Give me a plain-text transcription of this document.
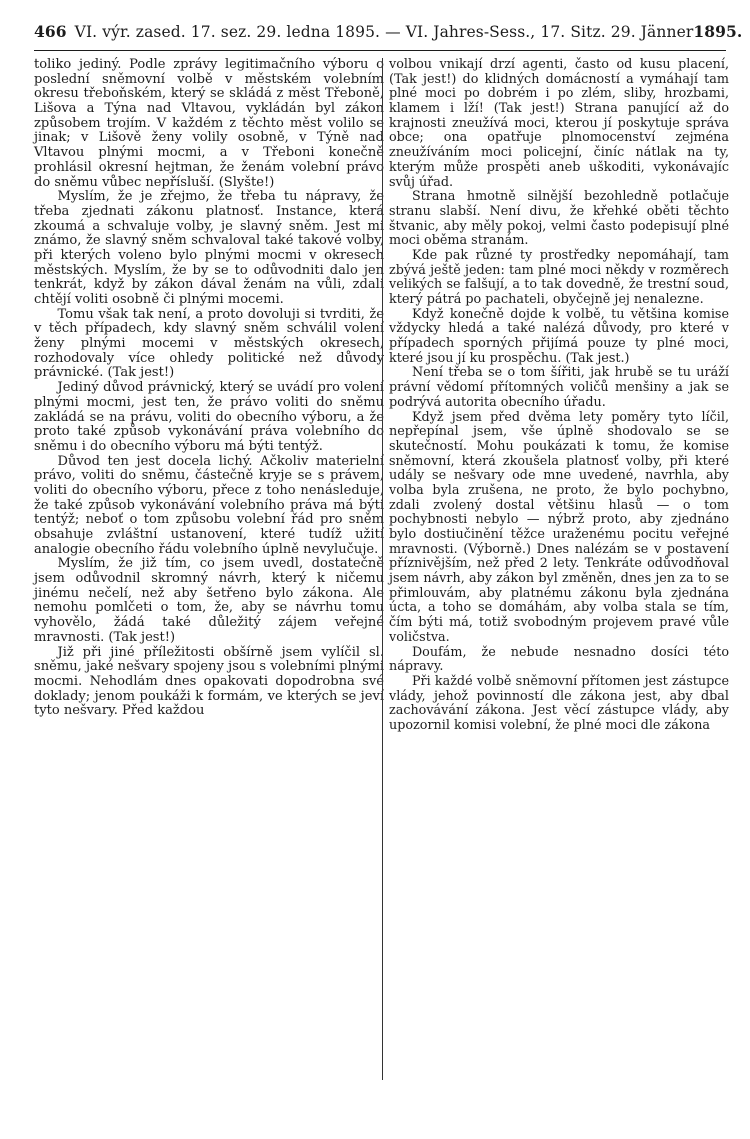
466 VI. výr. zased. 17. sez. 29. ledna 1895. — VI. Jahres-Sess., 17. Sitz. 29. Jänner 1895.

toliko jediný. Podle zprávy legitimačního výboru o poslední sněmovní volbě v městském volebním okresu třeboňském, který se skládá z měst Třeboně, Lišova a Týna nad Vltavou, vykládán byl zákon způsobem trojím. V každém z těchto měst volilo se jinak; v Lišově ženy volily osobně, v Týně nad Vltavou plnými mocmi, a v Třeboni konečně prohlásil okresní hejtman, že ženám volební právo do sněmu vůbec nepřísluší. (Slyšte!)

Myslím, že je zřejmo, že třeba tu nápravy, že třeba zjednati zákonu platnosť. Instance, která zkoumá a schvaluje volby, je slavný sněm. Jest mi známo, že slavný sněm schvaloval také takové volby, při kterých voleno bylo plnými mocmi v okresech městských. Myslím, že by se to odůvodniti dalo jen tenkrát, když by zákon dával ženám na vůli, zdali chtějí voliti osobně či plnými mocemi.

Tomu však tak není, a proto dovoluji si tvrditi, že v těch případech, kdy slavný sněm schválil volení ženy plnými mocemi v městských okresech, rozhodovaly více ohledy politické než důvody právnické. (Tak jest!)

Jediný důvod právnický, který se uvádí pro volení plnými mocmi, jest ten, že právo voliti do sněmu zakládá se na právu, voliti do obecního výboru, a že proto také způsob vykonávání práva volebního do sněmu i do obecního výboru má býti tentýž.

Důvod ten jest docela lichý. Ačkoliv materielní právo, voliti do sněmu, částečně kryje se s právem, voliti do obecního výboru, přece z toho nenásleduje, že také způsob vykonávání volebního práva má býti tentýž; neboť o tom způsobu volební řád pro sněm obsahuje zvláštní ustanovení, které tudíž užití analogie obecního řádu volebního úplně nevylučuje.

Myslím, že již tím, co jsem uvedl, dostatečně jsem odůvodnil skromný návrh, který k ničemu jinému nečelí, než aby šetřeno bylo zákona. Ale nemohu pomlčeti o tom, že, aby se návrhu tomu vyhovělo, žádá také důležitý zájem veřejné mravnosti. (Tak jest!)

Již při jiné příležitosti obšírně jsem vylíčil sl. sněmu, jaké nešvary spojeny jsou s volebními plnými mocmi. Nehodlám dnes opakovati dopodrobna své doklady; jenom poukáži k formám, ve kterých se jeví tyto nešvary. Před každou

volbou vnikají drzí agenti, často od kusu placení, (Tak jest!) do klidných domácností a vymáhají tam plné moci po dobrém i po zlém, sliby, hrozbami, klamem i lží! (Tak jest!) Strana panující až do krajnosti zneužívá moci, kterou jí poskytuje správa obce; ona opatřuje plnomocenství zejména zneužíváním moci policejní, činíc nátlak na ty, kterým může prospěti aneb uškoditi, vykonávajíc svůj úřad.

Strana hmotně silnější bezohledně potlačuje stranu slabší. Není divu, že křehké oběti těchto štvanic, aby měly pokoj, velmi často podepisují plné moci oběma stranám.

Kde pak různé ty prostředky nepomáhají, tam zbývá ještě jeden: tam plné moci někdy v rozměrech velikých se falšují, a to tak dovedně, že trestní soud, který pátrá po pachateli, obyčejně jej nenalezne.

Když konečně dojde k volbě, tu většina komise vždycky hledá a také nalézá důvody, pro které v případech sporných přijímá pouze ty plné moci, které jsou jí ku prospěchu. (Tak jest.)

Není třeba se o tom šířiti, jak hrubě se tu uráží právní vědomí přítomných voličů menšiny a jak se podrývá autorita obecního úřadu.

Když jsem před dvěma lety poměry tyto líčil, nepřepínal jsem, vše úplně shodovalo se se skutečností. Mohu poukázati k tomu, že komise sněmovní, která zkoušela platnosť volby, při které udály se nešvary ode mne uvedené, navrhla, aby volba byla zrušena, ne proto, že bylo pochybno, zdali zvolený dostal většinu hlasů — o tom pochybnosti nebylo — nýbrž proto, aby zjednáno bylo dostiučinění těžce uraženému pocitu veřejné mravnosti. (Výborně.) Dnes nalézám se v postavení příznivějším, než před 2 lety. Tenkráte odůvodňoval jsem návrh, aby zákon byl změněn, dnes jen za to se přimlouvám, aby platnému zákonu byla zjednána úcta, a toho se domáhám, aby volba stala se tím, čím býti má, totiž svobodným projevem pravé vůle voličstva.

Doufám, že nebude nesnadno dosíci této nápravy.

Při každé volbě sněmovní přítomen jest zástupce vlády, jehož povinností dle zákona jest, aby dbal zachovávání zákona. Jest věcí zástupce vlády, aby upozornil komisi volební, že plné moci dle zákona
